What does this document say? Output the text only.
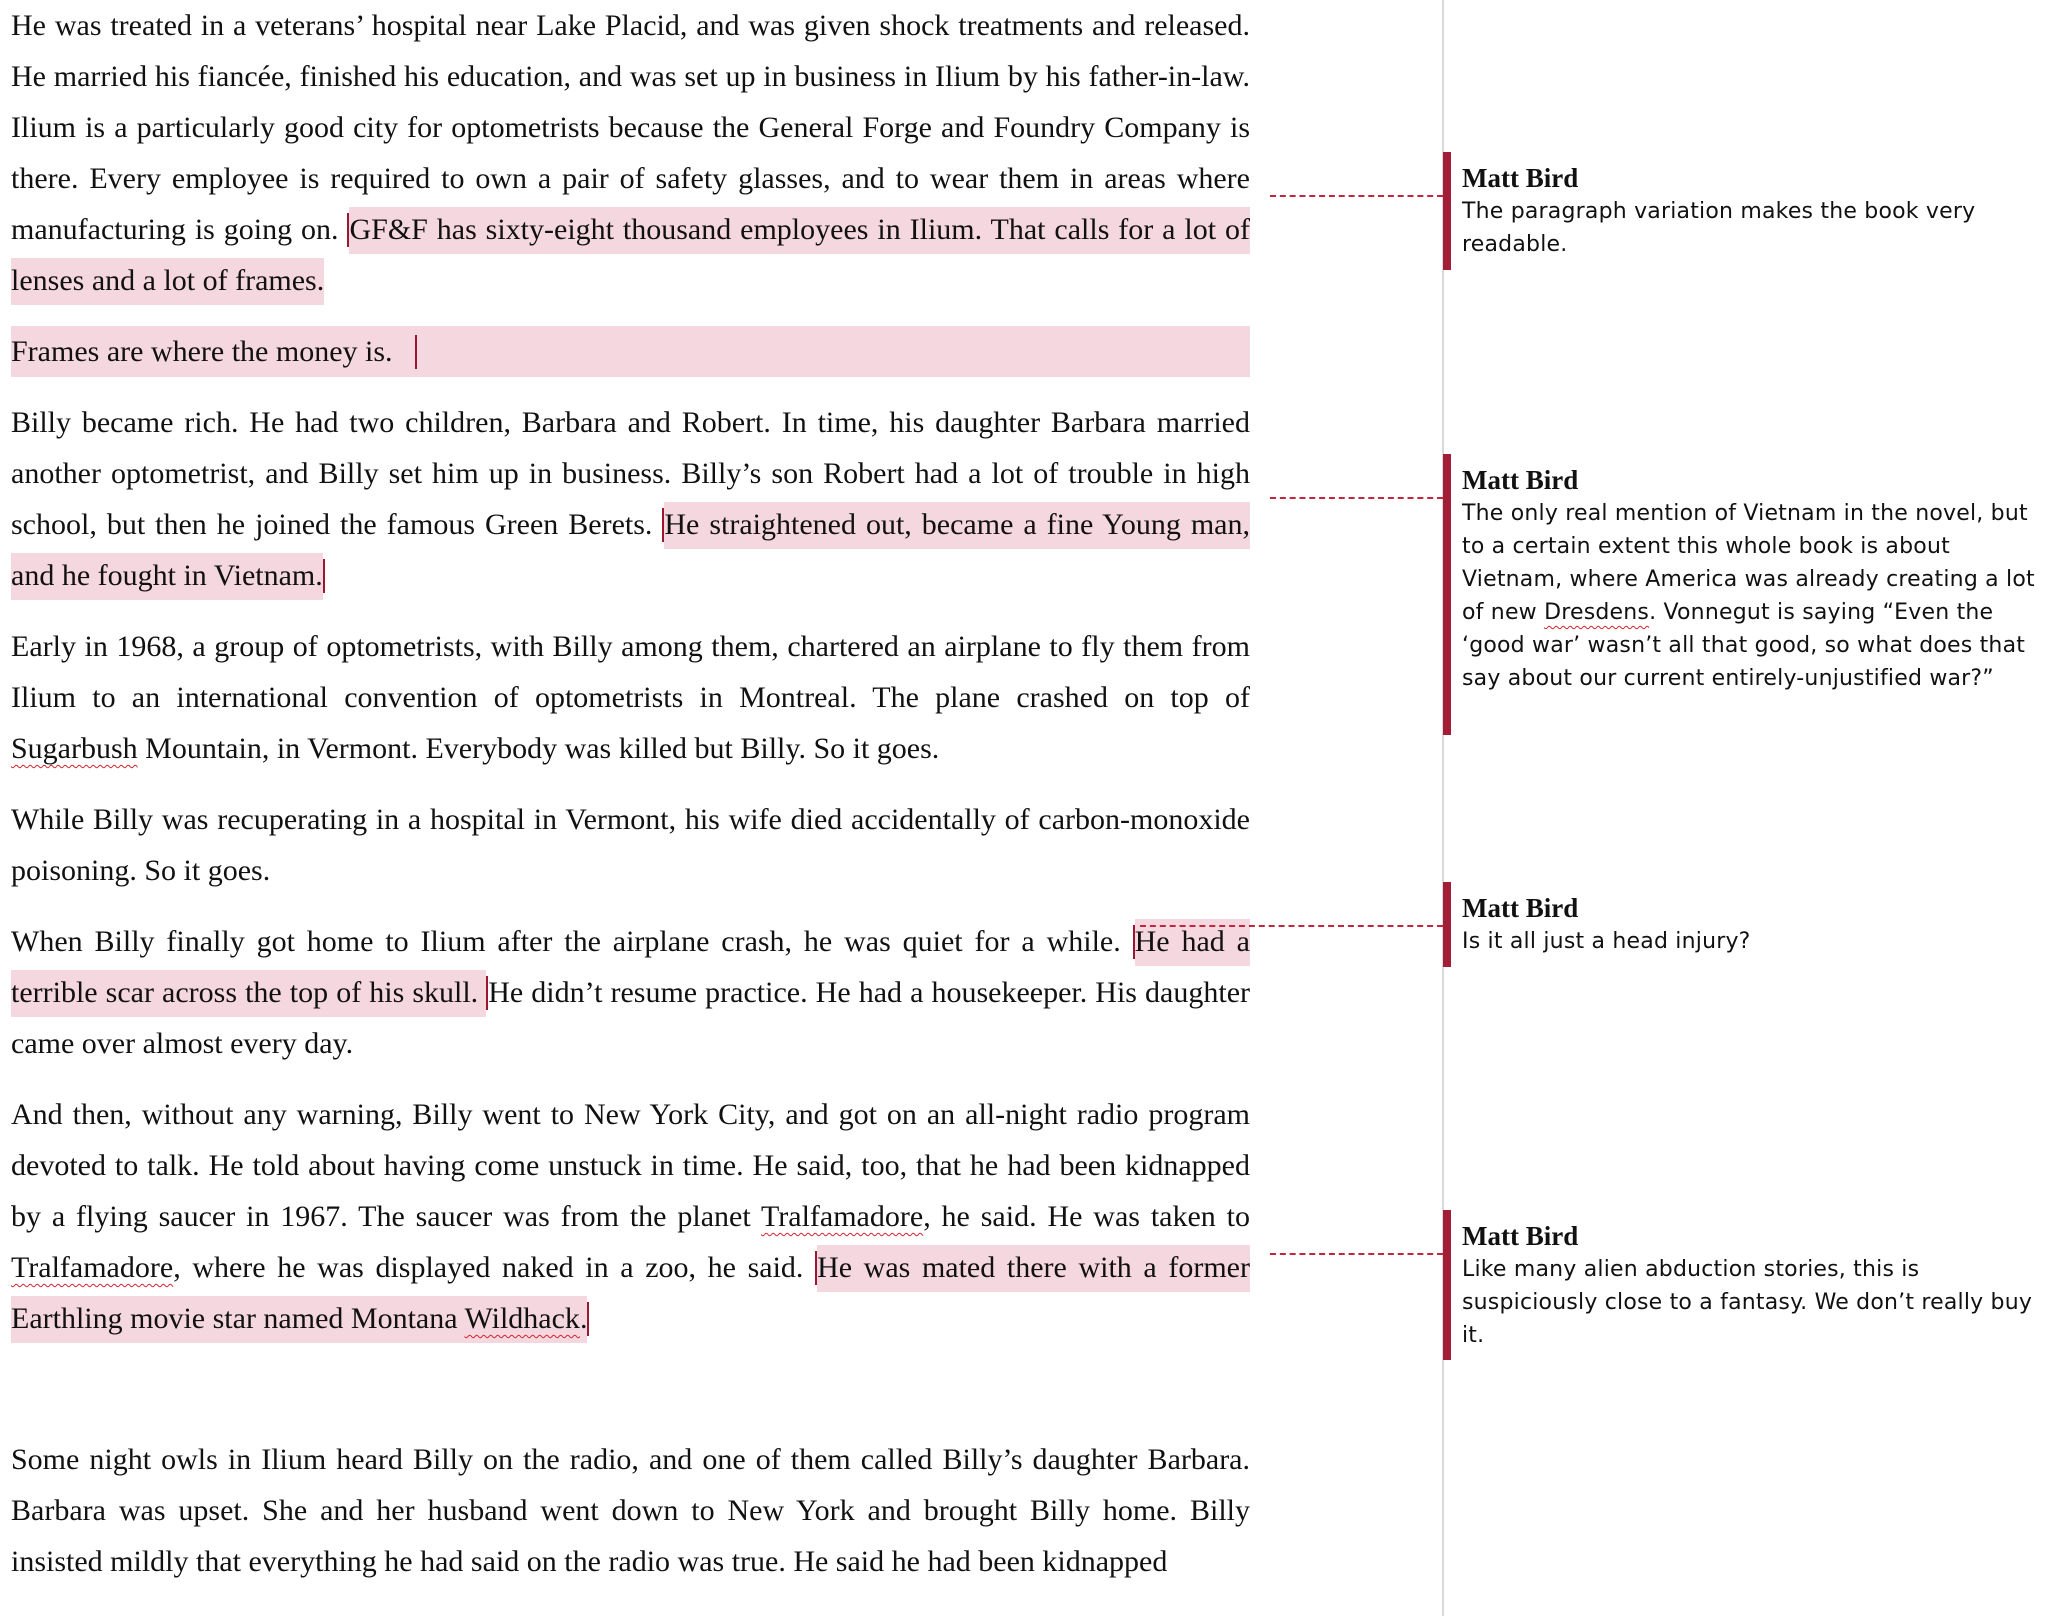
He was treated in a veterans’ hospital near Lake Placid, and was given shock treatments and released. He married his fiancée, finished his education, and was set up in business in Ilium by his father-in-law. Ilium is a particularly good city for optometrists because the General Forge and Foundry Company is there. Every employee is required to own a pair of safety glasses, and to wear them in areas where manufacturing is going on. GF&F has sixty-eight thousand employees in Ilium. That calls for a lot of lenses and a lot of frames.

Frames are where the money is.

Billy became rich. He had two children, Barbara and Robert. In time, his daughter Barbara married another optometrist, and Billy set him up in business. Billy’s son Robert had a lot of trouble in high school, but then he joined the famous Green Berets. He straightened out, became a fine Young man, and he fought in Vietnam.

Early in 1968, a group of optometrists, with Billy among them, chartered an airplane to fly them from Ilium to an international convention of optometrists in Montreal. The plane crashed on top of Sugarbush Mountain, in Vermont. Everybody was killed but Billy. So it goes.

While Billy was recuperating in a hospital in Vermont, his wife died accidentally of carbon-monoxide poisoning. So it goes.

When Billy finally got home to Ilium after the airplane crash, he was quiet for a while. He had a terrible scar across the top of his skull. He didn’t resume practice. He had a housekeeper. His daughter came over almost every day.

And then, without any warning, Billy went to New York City, and got on an all-night radio program devoted to talk. He told about having come unstuck in time. He said, too, that he had been kidnapped by a flying saucer in 1967. The saucer was from the planet Tralfamadore, he said. He was taken to Tralfamadore, where he was displayed naked in a zoo, he said. He was mated there with a former Earthling movie star named Montana Wildhack.

Some night owls in Ilium heard Billy on the radio, and one of them called Billy’s daughter Barbara. Barbara was upset. She and her husband went down to New York and brought Billy home. Billy insisted mildly that everything he had said on the radio was true. He said he had been kidnapped

Matt Bird
The paragraph variation makes the book very readable.
Matt Bird
The only real mention of Vietnam in the novel, but to a certain extent this whole book is about Vietnam, where America was already creating a lot of new Dresdens. Vonnegut is saying “Even the ‘good war’ wasn’t all that good, so what does that say about our current entirely-unjustified war?”
Matt Bird
Is it all just a head injury?
Matt Bird
Like many alien abduction stories, this is suspiciously close to a fantasy. We don’t really buy it.
